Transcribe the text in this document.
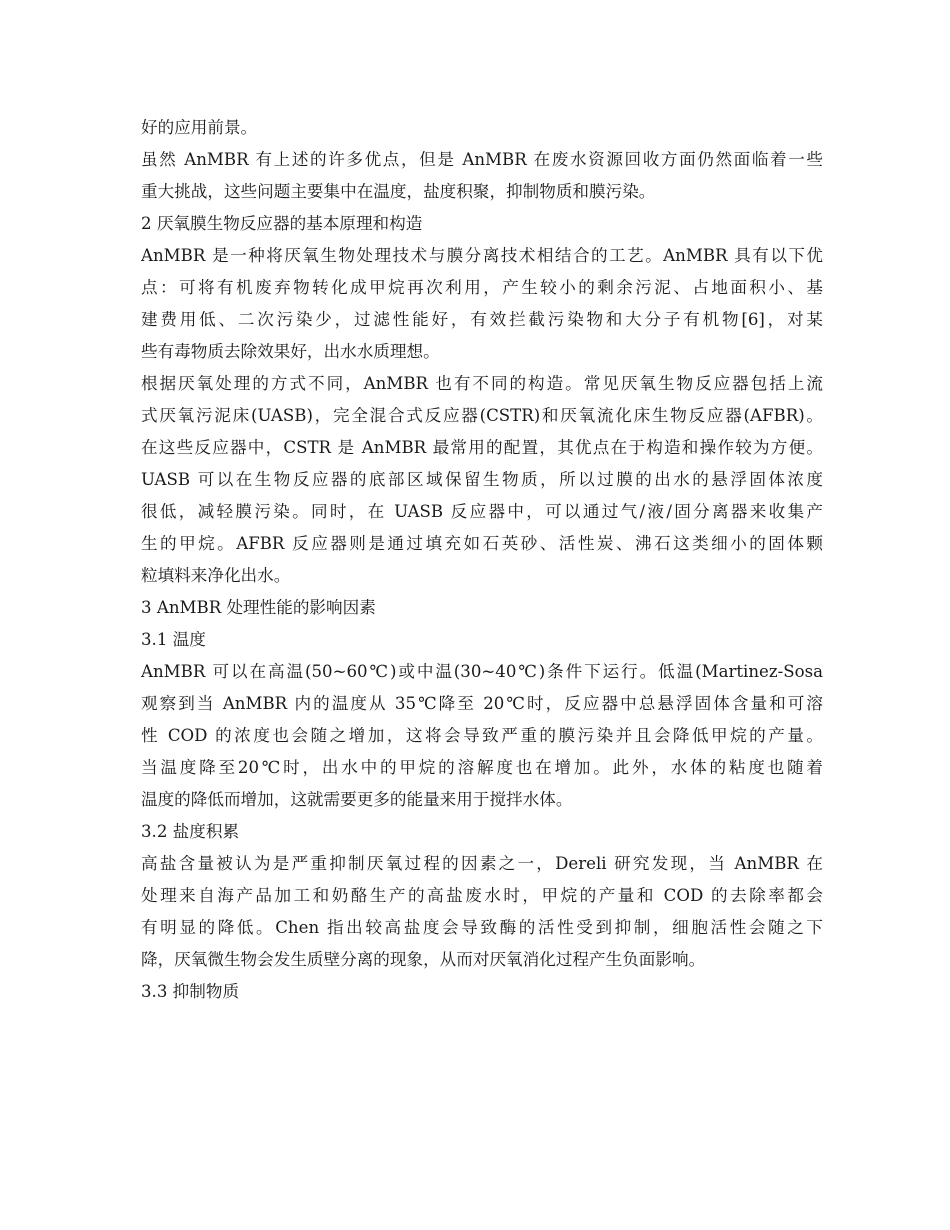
好的应用前景。
虽然 AnMBR 有上述的许多优点，但是 AnMBR 在废水资源回收方面仍然面临着一些
重大挑战，这些问题主要集中在温度，盐度积聚，抑制物质和膜污染。
2 厌氧膜生物反应器的基本原理和构造
AnMBR 是一种将厌氧生物处理技术与膜分离技术相结合的工艺。AnMBR 具有以下优
点：可将有机废弃物转化成甲烷再次利用，产生较小的剩余污泥、占地面积小、基
建费用低、二次污染少，过滤性能好，有效拦截污染物和大分子有机物[6]，对某
些有毒物质去除效果好，出水水质理想。
根据厌氧处理的方式不同，AnMBR 也有不同的构造。常见厌氧生物反应器包括上流
式厌氧污泥床(UASB)，完全混合式反应器(CSTR)和厌氧流化床生物反应器(AFBR)。
在这些反应器中，CSTR 是 AnMBR 最常用的配置，其优点在于构造和操作较为方便。
UASB 可以在生物反应器的底部区域保留生物质，所以过膜的出水的悬浮固体浓度
很低，减轻膜污染。同时，在 UASB 反应器中，可以通过气/液/固分离器来收集产
生的甲烷。AFBR 反应器则是通过填充如石英砂、活性炭、沸石这类细小的固体颗
粒填料来净化出水。
3 AnMBR 处理性能的影响因素
3.1 温度
AnMBR 可以在高温(50~60℃)或中温(30~40℃)条件下运行。低温(Martinez-Sosa
观察到当 AnMBR 内的温度从 35℃降至 20℃时，反应器中总悬浮固体含量和可溶
性 COD 的浓度也会随之增加，这将会导致严重的膜污染并且会降低甲烷的产量。
当温度降至20℃时，出水中的甲烷的溶解度也在增加。此外，水体的粘度也随着
温度的降低而增加，这就需要更多的能量来用于搅拌水体。
3.2 盐度积累
高盐含量被认为是严重抑制厌氧过程的因素之一，Dereli 研究发现，当 AnMBR 在
处理来自海产品加工和奶酪生产的高盐废水时，甲烷的产量和 COD 的去除率都会
有明显的降低。Chen 指出较高盐度会导致酶的活性受到抑制，细胞活性会随之下
降，厌氧微生物会发生质壁分离的现象，从而对厌氧消化过程产生负面影响。
3.3 抑制物质
